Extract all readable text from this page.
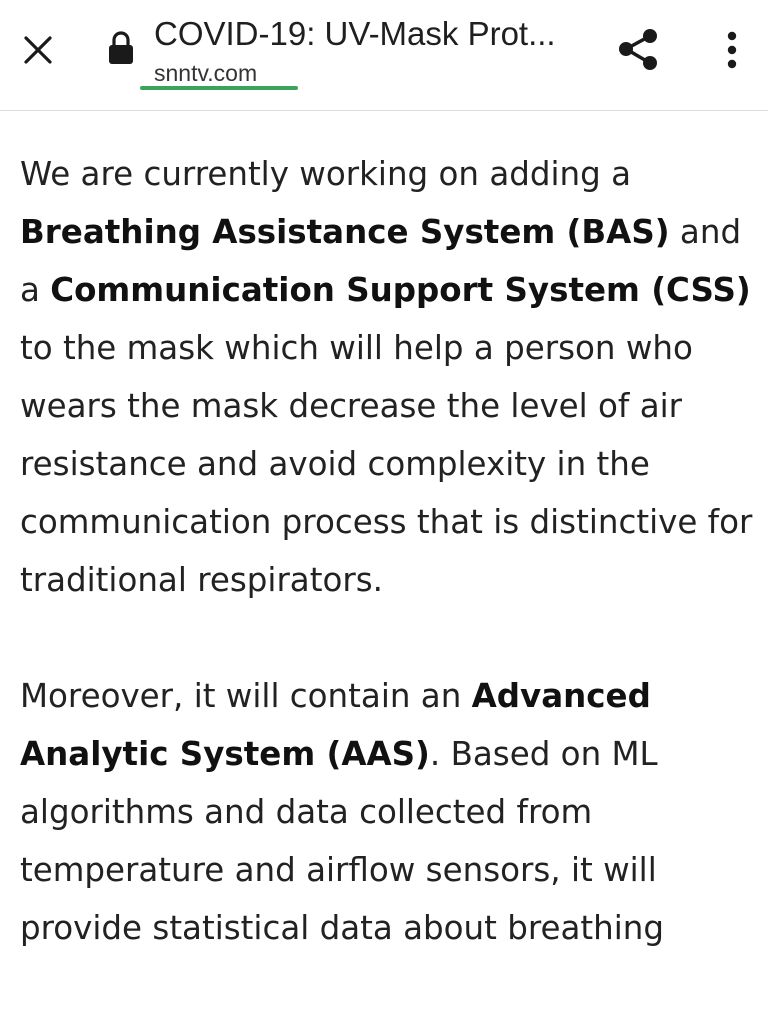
COVID-19: UV-Mask Prot...
snntv.com

We are currently working on adding a Breathing Assistance System (BAS) and a Communication Support System (CSS) to the mask which will help a person who wears the mask decrease the level of air resistance and avoid complexity in the communication process that is distinctive for traditional respirators.

Moreover, it will contain an Advanced Analytic System (AAS). Based on ML algorithms and data collected from temperature and airflow sensors, it will provide statistical data about breathing
